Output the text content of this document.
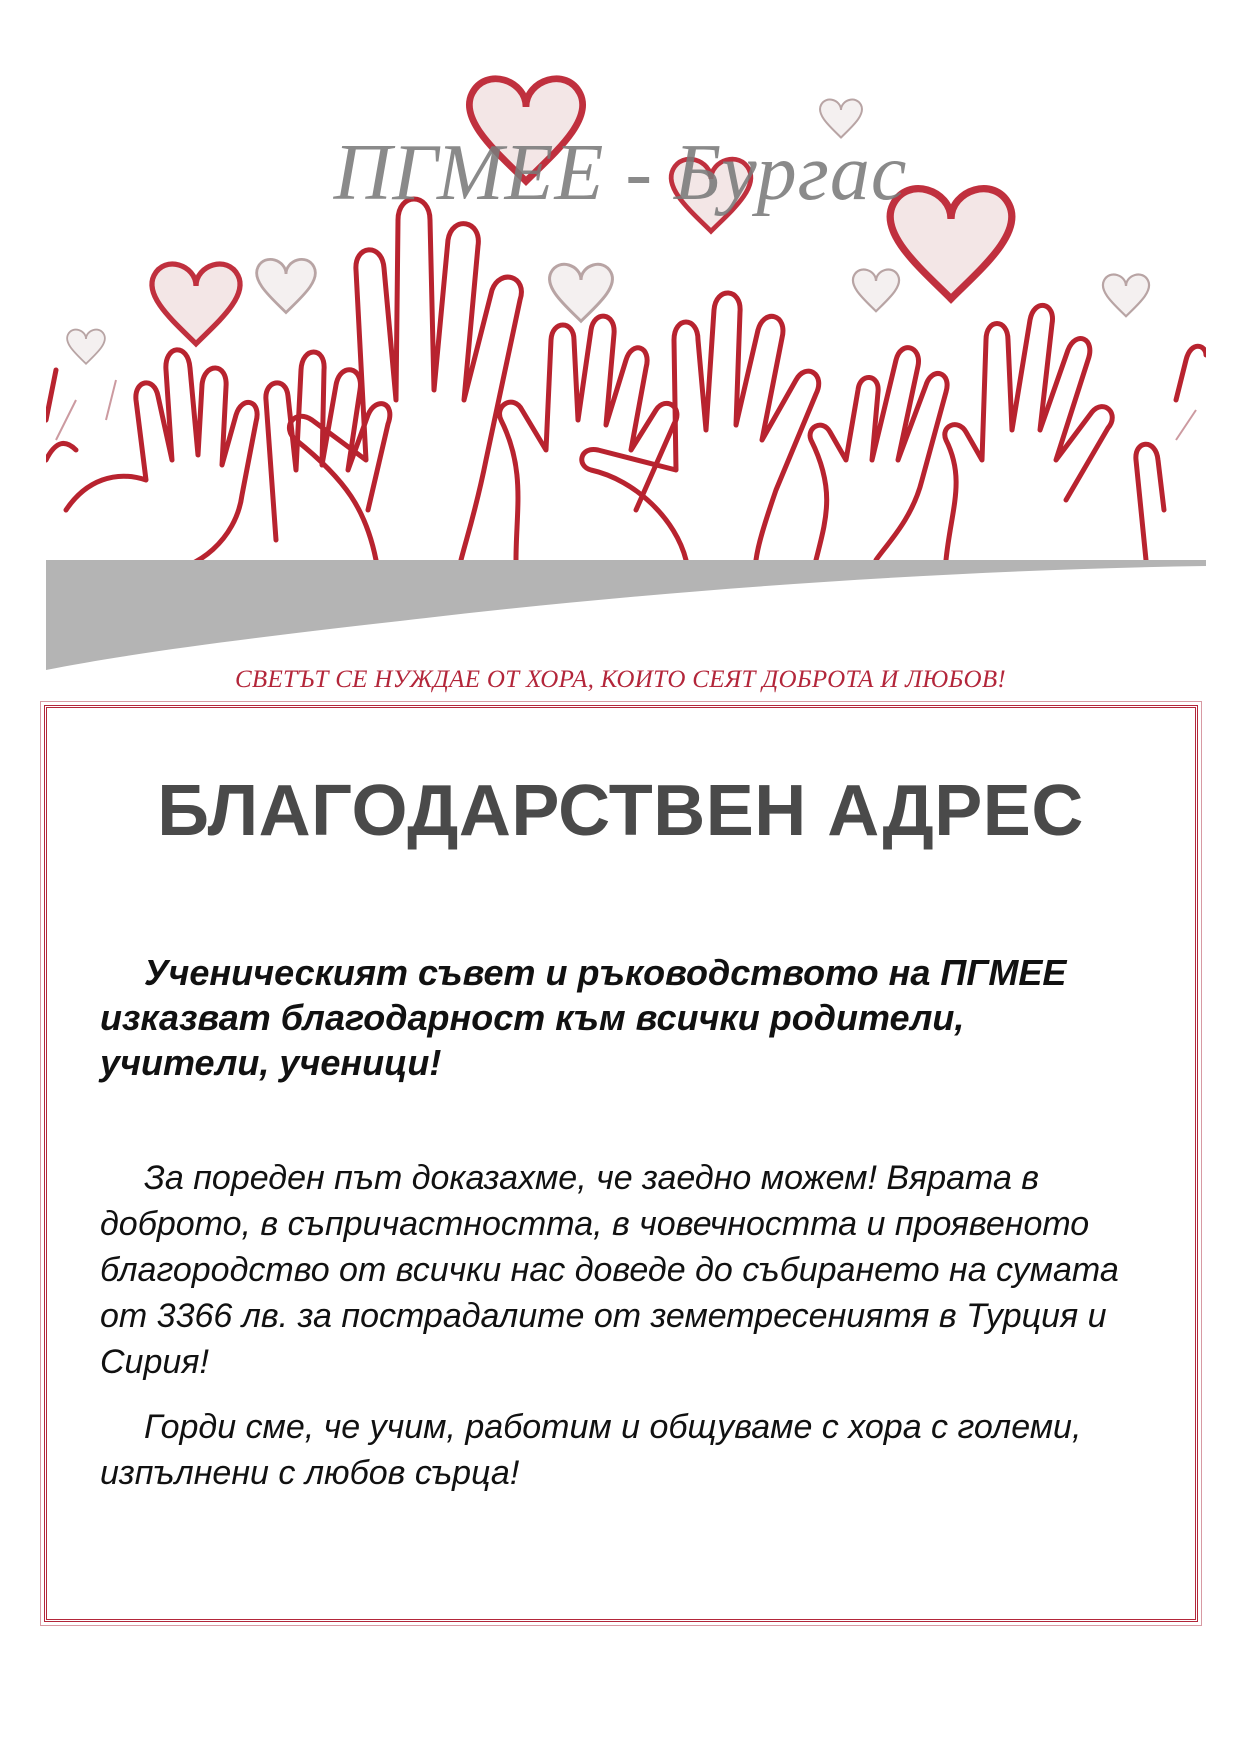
ПГМЕЕ - Бургас
СВЕТЪТ СЕ НУЖДАЕ ОТ ХОРА, КОИТО СЕЯТ ДОБРОТА И ЛЮБОВ!
БЛАГОДАРСТВЕН АДРЕС

Ученическият съвет и ръководството на ПГМЕЕ изказват благодарност към всички родители, учители, ученици!

За пореден път доказахме, че заедно можем! Вярата в доброто, в съпричастността, в човечността и проявеното благородство от всички нас доведе до събирането на сумата от 3366 лв. за пострадалите от земетресениятя в Турция и Сирия!

Горди сме, че учим, работим и общуваме с хора с големи, изпълнени с любов сърца!
